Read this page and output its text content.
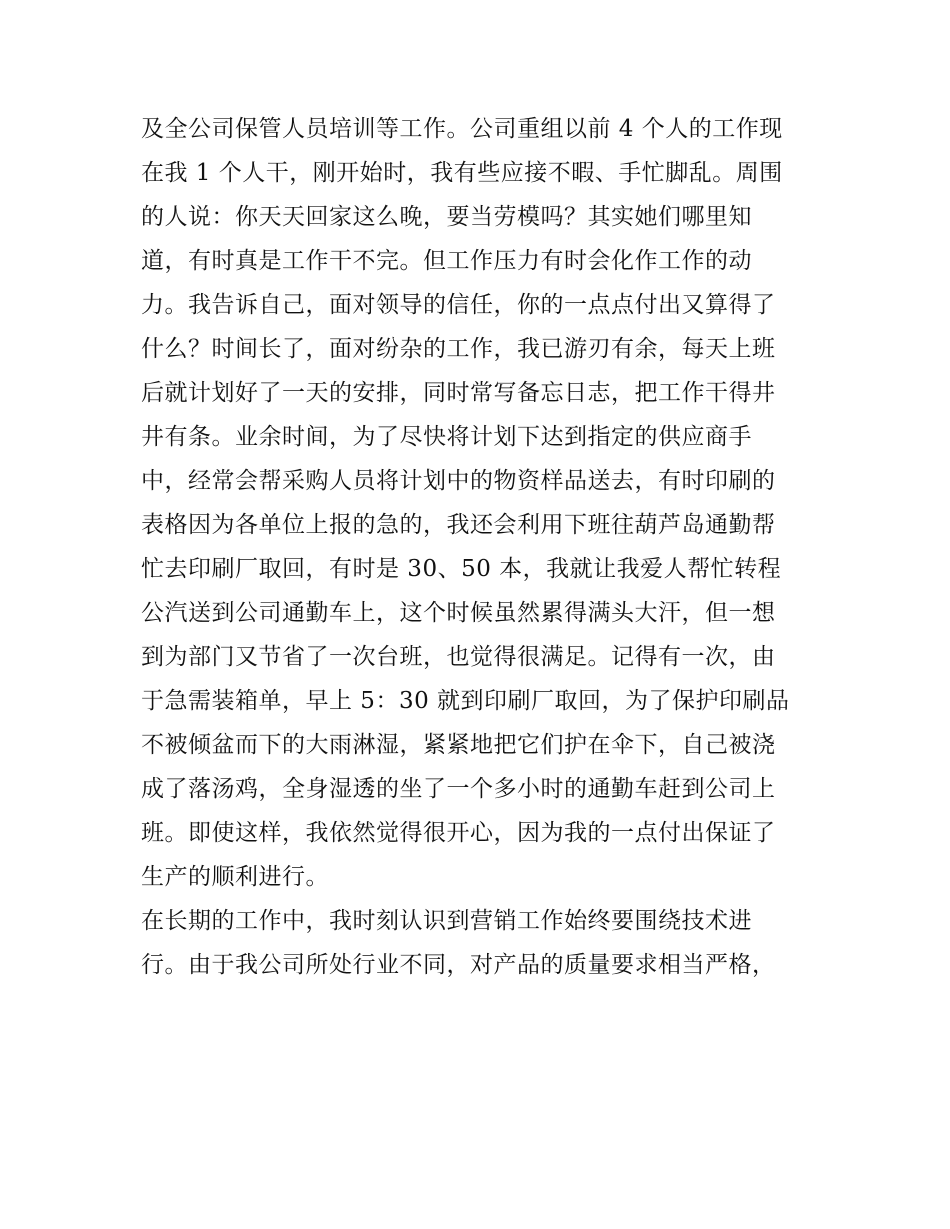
及全公司保管人员培训等工作。公司重组以前 4 个人的工作现
在我 1 个人干，刚开始时，我有些应接不暇、手忙脚乱。周围
的人说：你天天回家这么晚，要当劳模吗？其实她们哪里知
道，有时真是工作干不完。但工作压力有时会化作工作的动
力。我告诉自己，面对领导的信任，你的一点点付出又算得了
什么？时间长了，面对纷杂的工作，我已游刃有余，每天上班
后就计划好了一天的安排，同时常写备忘日志，把工作干得井
井有条。业余时间，为了尽快将计划下达到指定的供应商手
中，经常会帮采购人员将计划中的物资样品送去，有时印刷的
表格因为各单位上报的急的，我还会利用下班往葫芦岛通勤帮
忙去印刷厂取回，有时是 30、50 本，我就让我爱人帮忙转程
公汽送到公司通勤车上，这个时候虽然累得满头大汗，但一想
到为部门又节省了一次台班，也觉得很满足。记得有一次，由
于急需装箱单，早上 5：30 就到印刷厂取回，为了保护印刷品
不被倾盆而下的大雨淋湿，紧紧地把它们护在伞下，自己被浇
成了落汤鸡，全身湿透的坐了一个多小时的通勤车赶到公司上
班。即使这样，我依然觉得很开心，因为我的一点付出保证了
生产的顺利进行。
在长期的工作中，我时刻认识到营销工作始终要围绕技术进
行。由于我公司所处行业不同，对产品的质量要求相当严格，
